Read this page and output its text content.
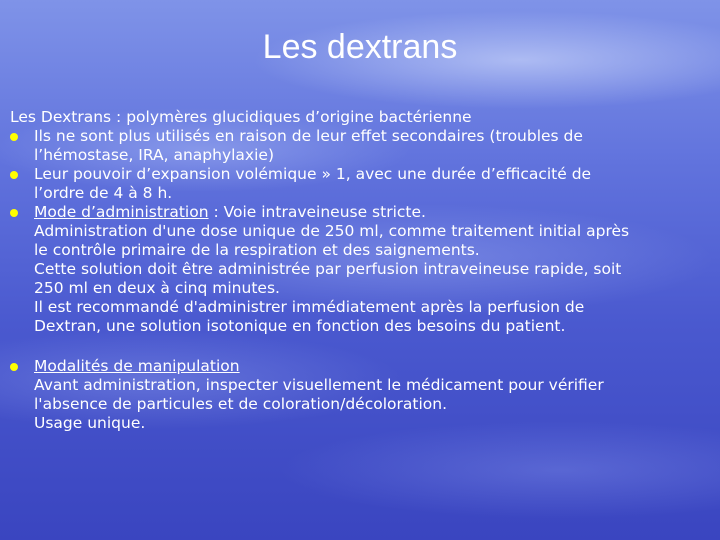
Les dextrans

Les Dextrans : polymères glucidiques d’origine bactérienne

Ils ne sont plus utilisés en raison de leur effet secondaires (troubles de
l’hémostase, IRA, anaphylaxie)
Leur pouvoir d’expansion volémique » 1, avec une durée d’efficacité de
l’ordre de 4 à 8 h.
Mode d’administration : Voie intraveineuse stricte.
Administration d'une dose unique de 250 ml, comme traitement initial après
le contrôle primaire de la respiration et des saignements.
Cette solution doit être administrée par perfusion intraveineuse rapide, soit
250 ml en deux à cinq minutes.
Il est recommandé d'administrer immédiatement après la perfusion de
Dextran, une solution isotonique en fonction des besoins du patient.
Modalités de manipulation
Avant administration, inspecter visuellement le médicament pour vérifier
l'absence de particules et de coloration/décoloration.
Usage unique.
